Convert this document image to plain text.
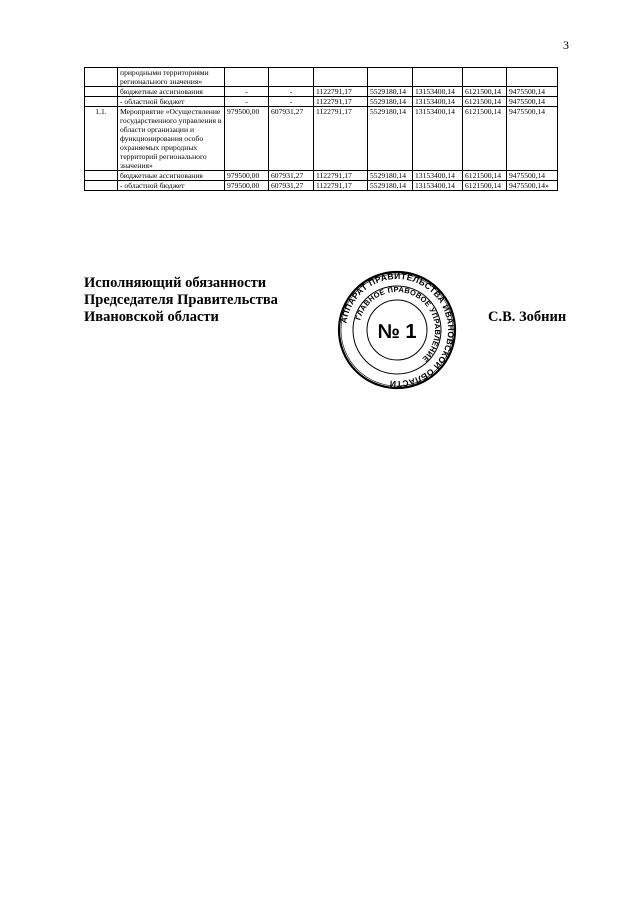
3
	природными территориями регионального значения»							
	бюджетные ассигнования	-	-	1122791,17	5529180,14	13153400,14	6121500,14	9475500,14
	- областной бюджет	-	-	1122791,17	5529180,14	13153400,14	6121500,14	9475500,14
1.1.	Мероприятие «Осуществление государственного управления в области организации и функционирования особо охраняемых природных территорий регионального значения»	979500,00	607931,27	1122791,17	5529180,14	13153400,14	6121500,14	9475500,14
	бюджетные ассигнования	979500,00	607931,27	1122791,17	5529180,14	13153400,14	6121500,14	9475500,14
	- областной бюджет	979500,00	607931,27	1122791,17	5529180,14	13153400,14	6121500,14	9475500,14»
Исполняющий обязанности
Председателя Правительства
Ивановской области	АППАРАТ ПРАВИТЕЛЬСТВА ИВАНОВСКОЙ ОБЛАСТИ
ГЛАВНОЕ ПРАВОВОЕ УПРАВЛЕНИЕ
№ 1
С.В. Зобнин
